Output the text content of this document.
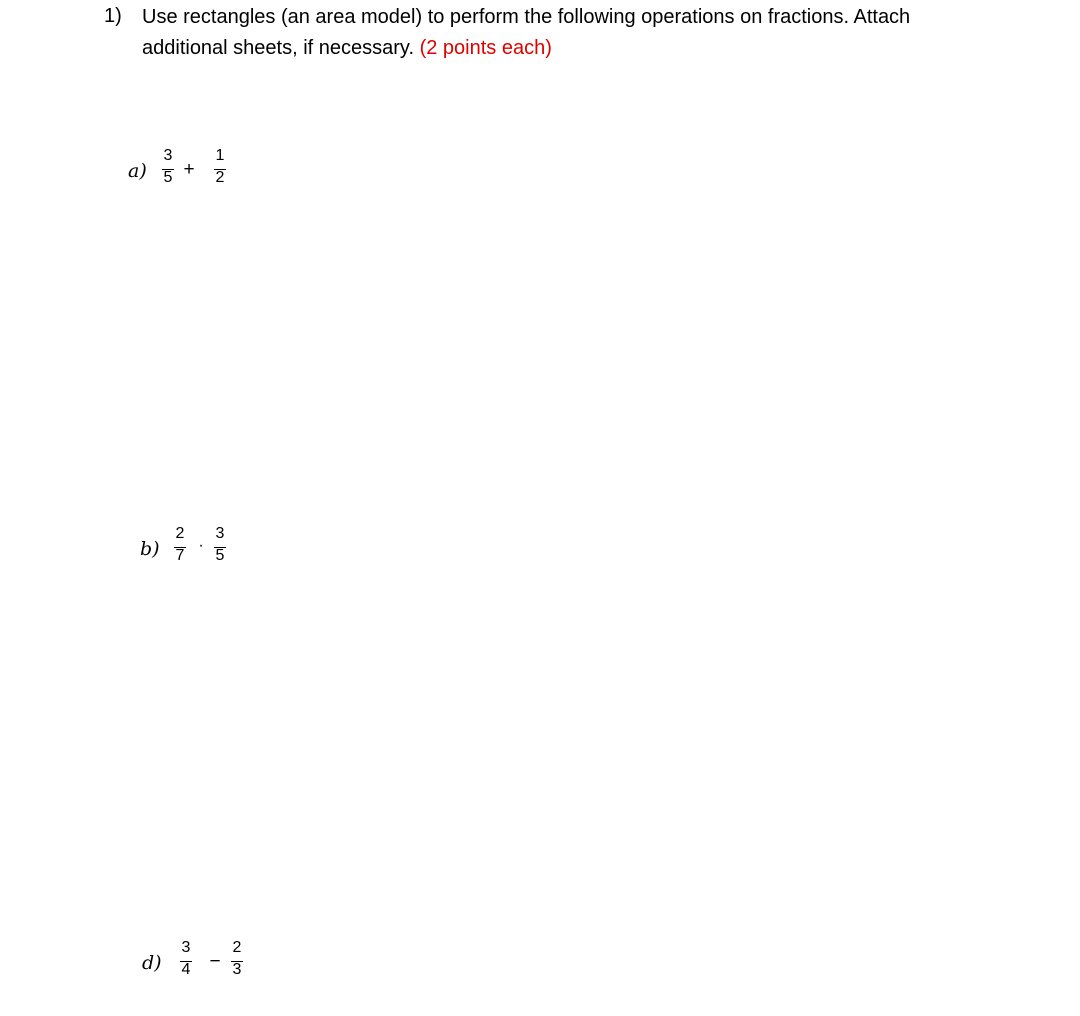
1) Use rectangles (an area model) to perform the following operations on fractions. Attach
additional sheets, if necessary. (2 points each)
a)
3
5 +
1
2
b)
2
7
·
3
5
d)
3
4 −
2
3
